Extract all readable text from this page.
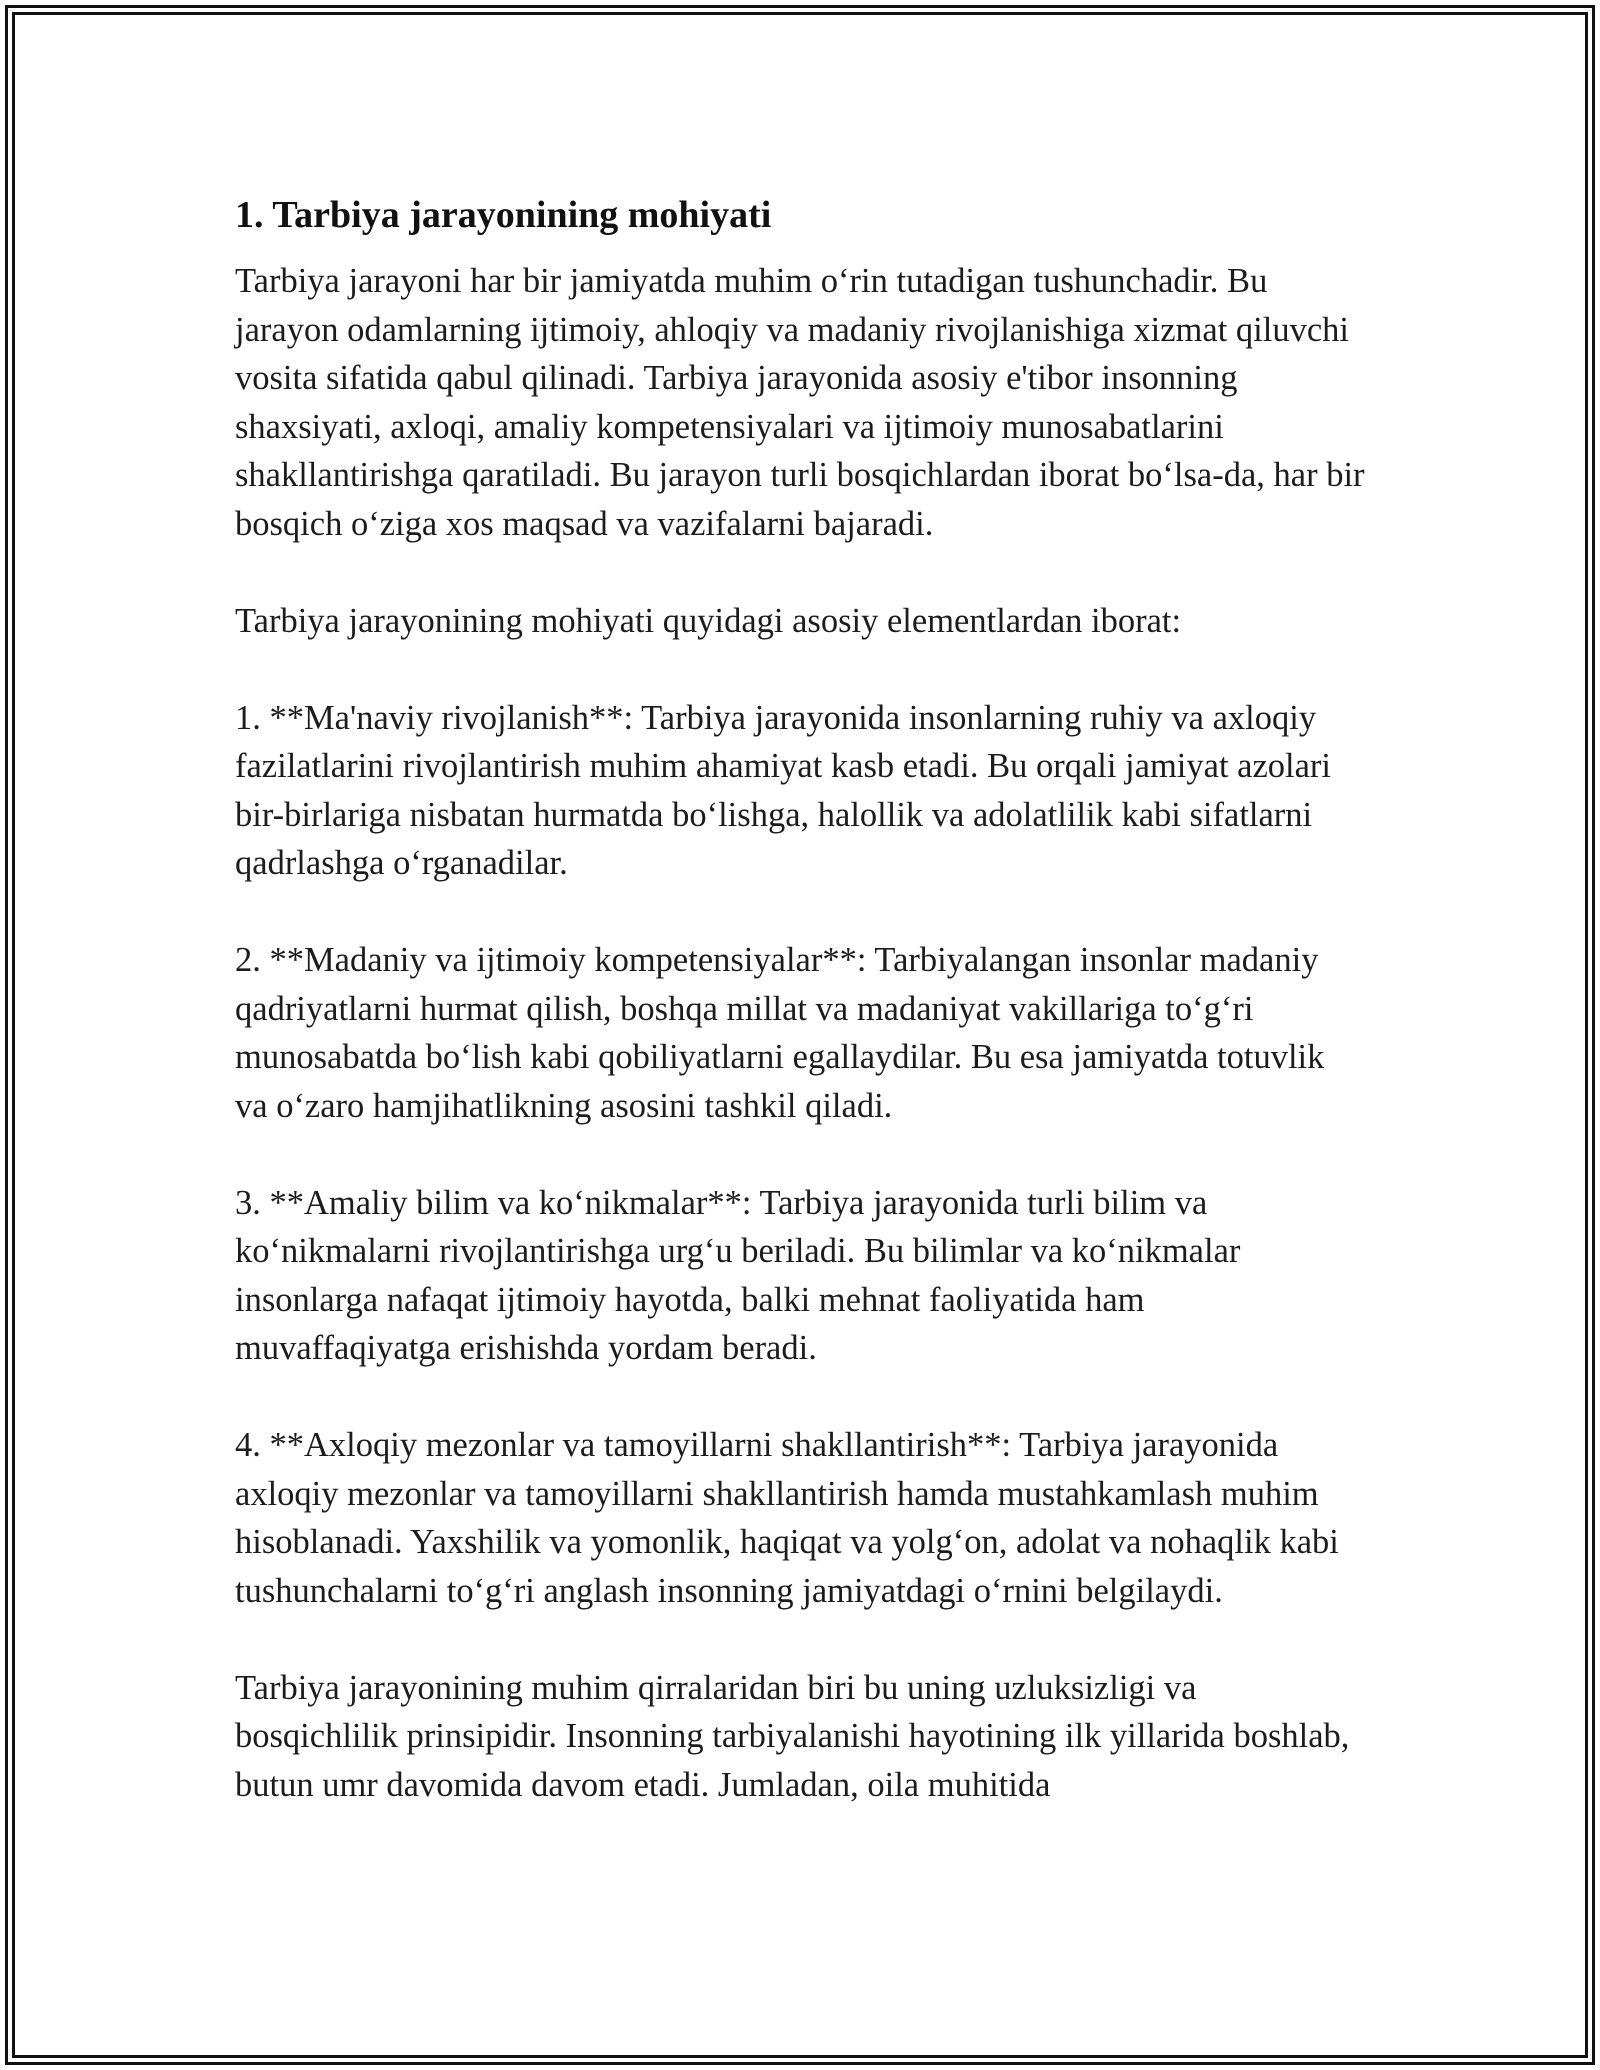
1. Tarbiya jarayonining mohiyati

Tarbiya jarayoni har bir jamiyatda muhim o‘rin tutadigan tushunchadir. Bu jarayon odamlarning ijtimoiy, ahloqiy va madaniy rivojlanishiga xizmat qiluvchi vosita sifatida qabul qilinadi. Tarbiya jarayonida asosiy e'tibor insonning shaxsiyati, axloqi, amaliy kompetensiyalari va ijtimoiy munosabatlarini shakllantirishga qaratiladi. Bu jarayon turli bosqichlardan iborat bo‘lsa-da, har bir bosqich o‘ziga xos maqsad va vazifalarni bajaradi.

Tarbiya jarayonining mohiyati quyidagi asosiy elementlardan iborat:

1. **Ma'naviy rivojlanish**: Tarbiya jarayonida insonlarning ruhiy va axloqiy fazilatlarini rivojlantirish muhim ahamiyat kasb etadi. Bu orqali jamiyat azolari bir-birlariga nisbatan hurmatda bo‘lishga, halollik va adolatlilik kabi sifatlarni qadrlashga o‘rganadilar.

2. **Madaniy va ijtimoiy kompetensiyalar**: Tarbiyalangan insonlar madaniy qadriyatlarni hurmat qilish, boshqa millat va madaniyat vakillariga to‘g‘ri munosabatda bo‘lish kabi qobiliyatlarni egallaydilar. Bu esa jamiyatda totuvlik va o‘zaro hamjihatlikning asosini tashkil qiladi.

3. **Amaliy bilim va ko‘nikmalar**: Tarbiya jarayonida turli bilim va ko‘nikmalarni rivojlantirishga urg‘u beriladi. Bu bilimlar va ko‘nikmalar insonlarga nafaqat ijtimoiy hayotda, balki mehnat faoliyatida ham muvaffaqiyatga erishishda yordam beradi.

4. **Axloqiy mezonlar va tamoyillarni shakllantirish**: Tarbiya jarayonida axloqiy mezonlar va tamoyillarni shakllantirish hamda mustahkamlash muhim hisoblanadi. Yaxshilik va yomonlik, haqiqat va yolg‘on, adolat va nohaqlik kabi tushunchalarni to‘g‘ri anglash insonning jamiyatdagi o‘rnini belgilaydi.

Tarbiya jarayonining muhim qirralaridan biri bu uning uzluksizligi va bosqichlilik prinsipidir. Insonning tarbiyalanishi hayotining ilk yillarida boshlab, butun umr davomida davom etadi. Jumladan, oila muhitida
